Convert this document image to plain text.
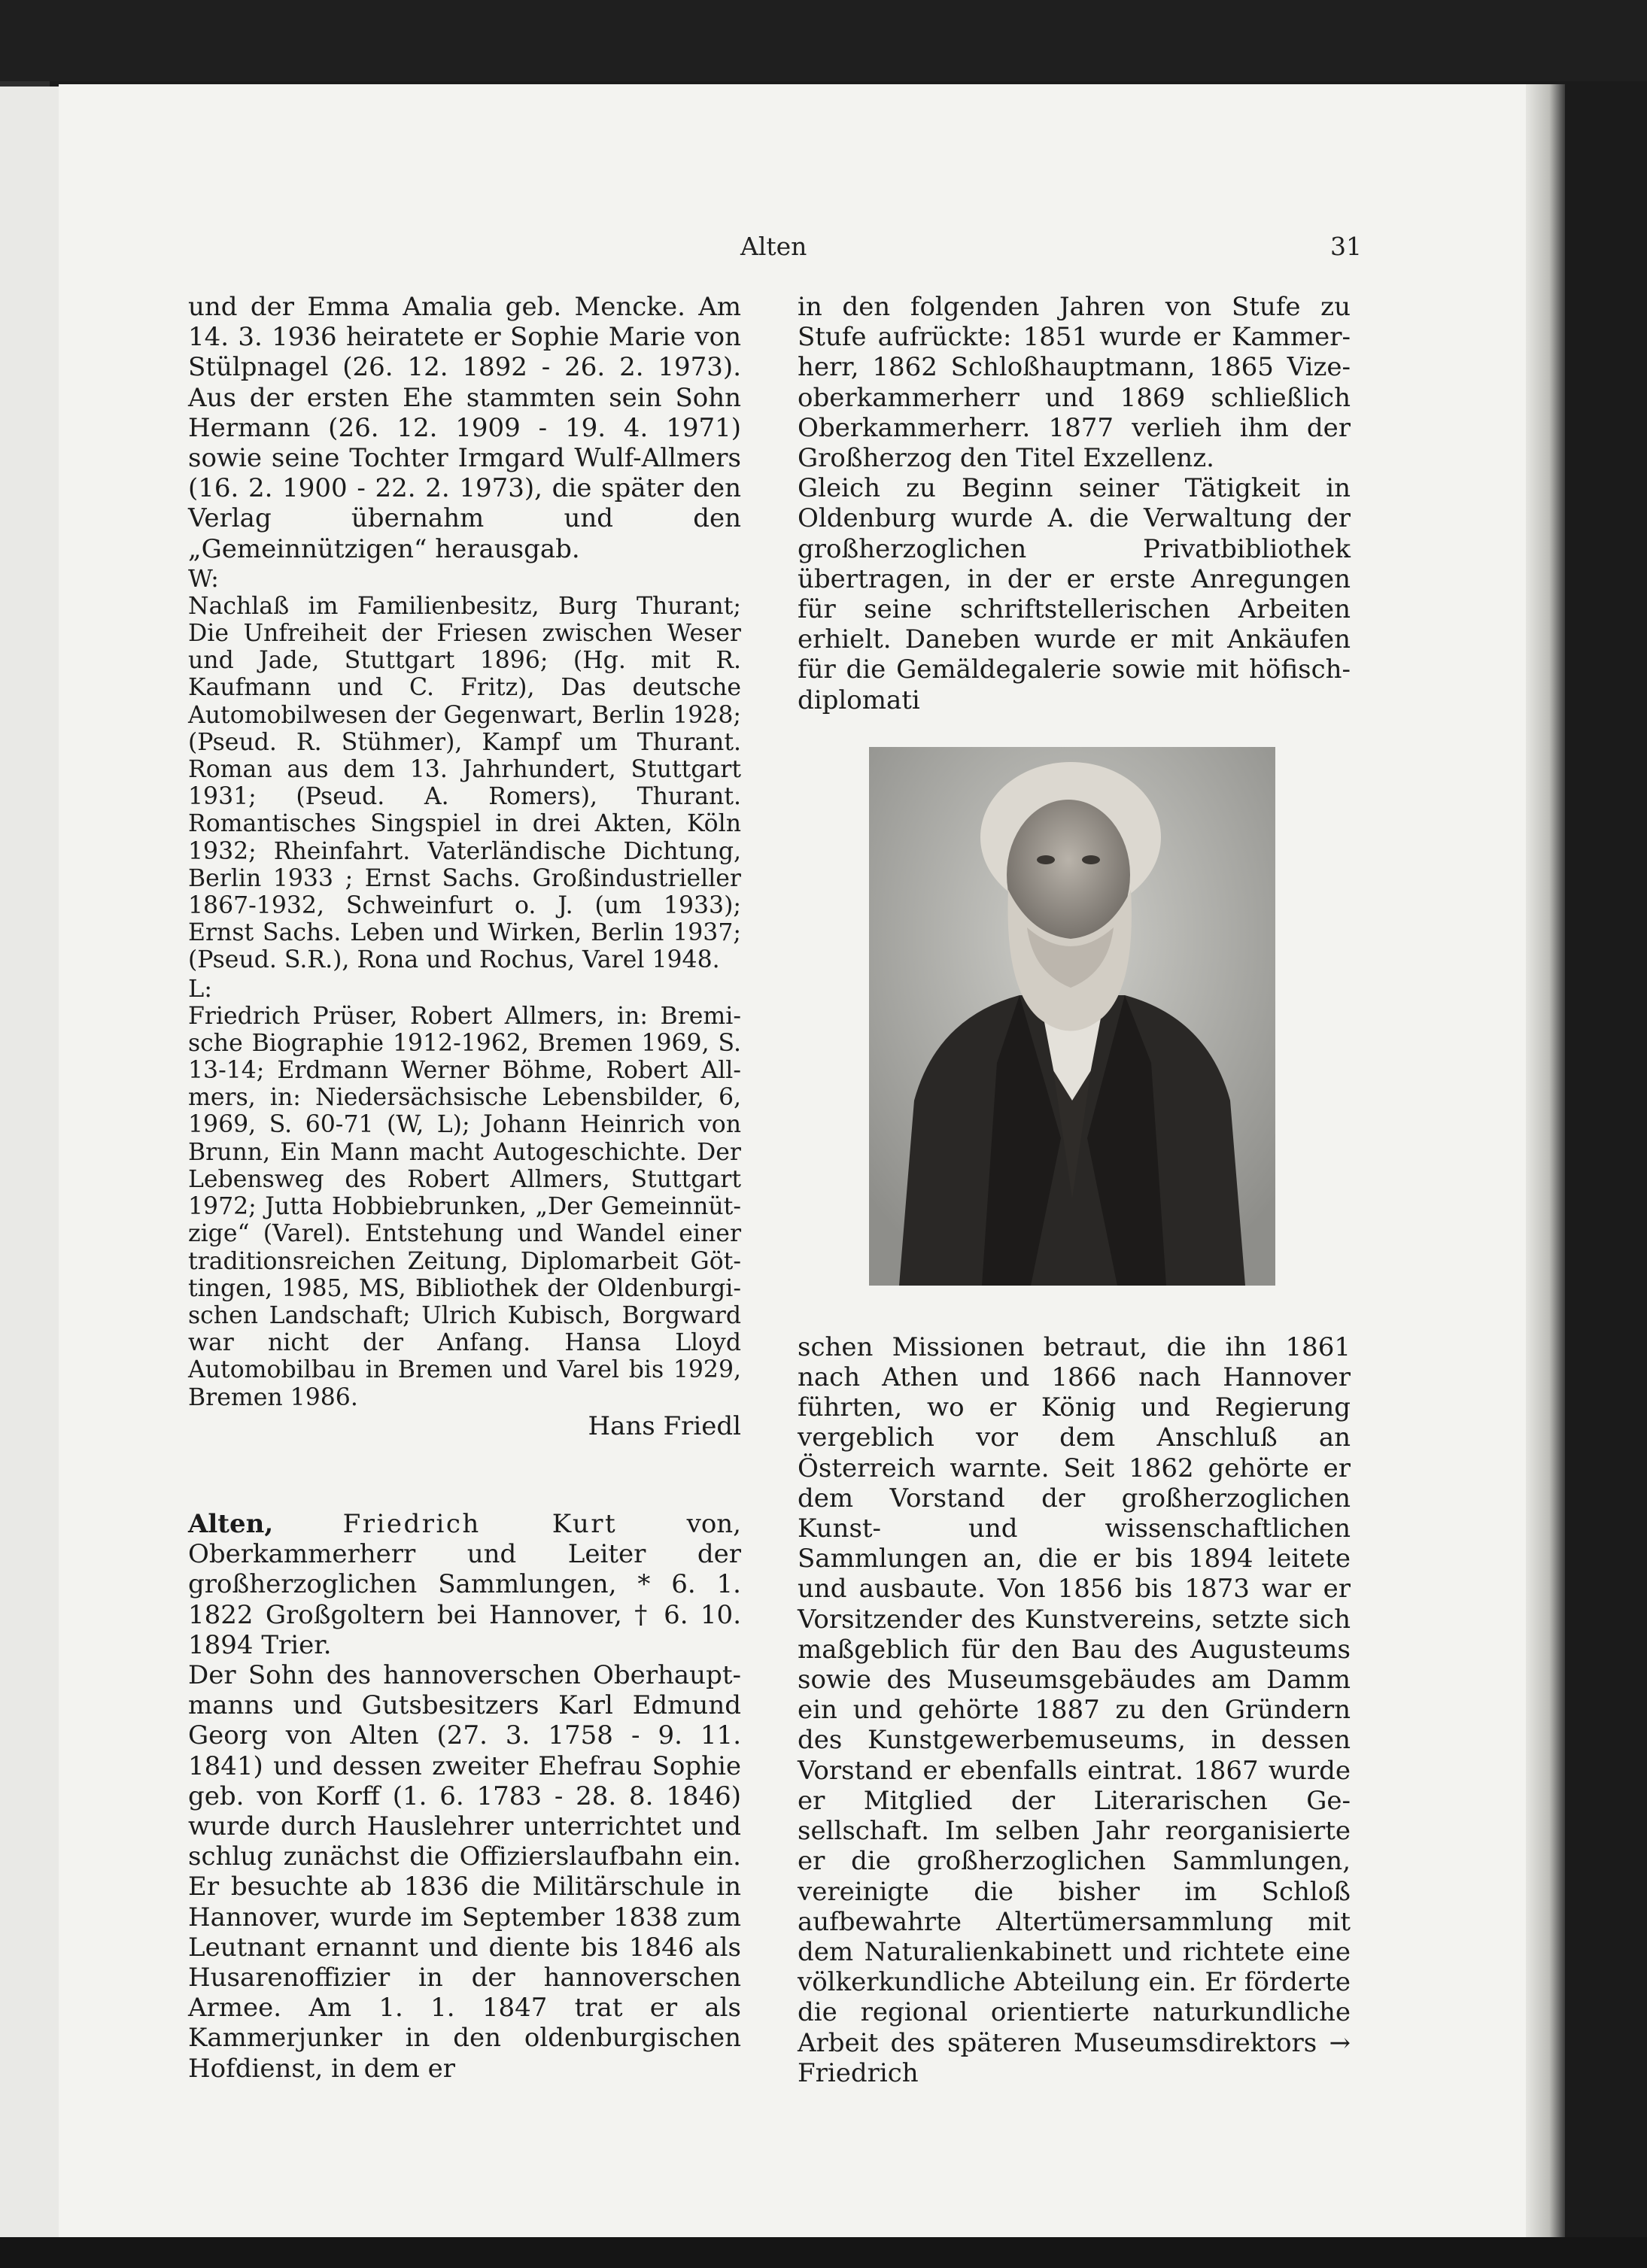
Alten	31

und der Emma Amalia geb. Mencke. Am 14. 3. 1936 heiratete er Sophie Marie von Stülpnagel (26. 12. 1892 - 26. 2. 1973). Aus der ersten Ehe stammten sein Sohn Hermann (26. 12. 1909 - 19. 4. 1971) sowie seine Tochter Irmgard Wulf-Allmers (16. 2. 1900 - 22. 2. 1973), die später den Verlag übernahm und den „Gemeinnützigen“ herausgab.

W:

Nachlaß im Familienbesitz, Burg Thurant; Die Unfreiheit der Friesen zwischen Weser und Jade, Stuttgart 1896; (Hg. mit R. Kaufmann und C. Fritz), Das deutsche Automobilwesen der Gegenwart, Berlin 1928; (Pseud. R. Stühmer), Kampf um Thurant. Roman aus dem 13. Jahrhundert, Stuttgart 1931; (Pseud. A. Romers), Thurant. Romantisches Singspiel in drei Akten, Köln 1932; Rheinfahrt. Vaterländische Dichtung, Berlin 1933 ; Ernst Sachs. Großindustrieller 1867-1932, Schweinfurt o. J. (um 1933); Ernst Sachs. Leben und Wirken, Berlin 1937; (Pseud. S.R.), Rona und Rochus, Varel 1948.

L:

Friedrich Prüser, Robert Allmers, in: Bremische Biographie 1912-1962, Bremen 1969, S. 13-14; Erdmann Werner Böhme, Robert Allmers, in: Niedersächsische Lebensbilder, 6, 1969, S. 60-71 (W, L); Johann Heinrich von Brunn, Ein Mann macht Autogeschichte. Der Lebensweg des Robert Allmers, Stuttgart 1972; Jutta Hobbiebrunken, „Der Gemeinnützige“ (Varel). Entstehung und Wandel einer traditionsreichen Zeitung, Diplomarbeit Göttingen, 1985, MS, Bibliothek der Oldenburgischen Landschaft; Ulrich Kubisch, Borgward war nicht der Anfang. Hansa Lloyd Automobilbau in Bremen und Varel bis 1929, Bremen 1986.

Hans Friedl

Alten,	Friedrich Kurt von, Oberkammerherr und Leiter der großherzoglichen Sammlungen, * 6. 1. 1822 Großgoltern bei Hannover, † 6. 10. 1894 Trier.

Der Sohn des hannoverschen Oberhauptmanns und Gutsbesitzers Karl Edmund Georg von Alten (27. 3. 1758 - 9. 11. 1841) und dessen zweiter Ehefrau Sophie geb. von Korff (1. 6. 1783 - 28. 8. 1846) wurde durch Hauslehrer unterrichtet und schlug zunächst die Offizierslaufbahn ein. Er besuchte ab 1836 die Militärschule in Hannover, wurde im September 1838 zum Leutnant ernannt und diente bis 1846 als Husarenoffizier in der hannoverschen Armee. Am 1. 1. 1847 trat er als Kammerjunker in den oldenburgischen Hofdienst, in dem er

in den folgenden Jahren von Stufe zu Stufe aufrückte: 1851 wurde er Kammerherr, 1862 Schloßhauptmann, 1865 Vizeoberkammerherr und 1869 schließlich Oberkammerherr. 1877 verlieh ihm der Großherzog den Titel Exzellenz.

Gleich zu Beginn seiner Tätigkeit in Oldenburg wurde A. die Verwaltung der großherzoglichen Privatbibliothek übertragen, in der er erste Anregungen für seine schriftstellerischen Arbeiten erhielt. Daneben wurde er mit Ankäufen für die Gemäldegalerie sowie mit höfisch-diplomati

schen Missionen betraut, die ihn 1861 nach Athen und 1866 nach Hannover führten, wo er König und Regierung vergeblich vor dem Anschluß an Österreich warnte. Seit 1862 gehörte er dem Vorstand der großherzoglichen Kunst- und wissenschaftlichen Sammlungen an, die er bis 1894 leitete und ausbaute. Von 1856 bis 1873 war er Vorsitzender des Kunstvereins, setzte sich maßgeblich für den Bau des Augusteums sowie des Museumsgebäudes am Damm ein und gehörte 1887 zu den Gründern des Kunstgewerbemuseums, in dessen Vorstand er ebenfalls eintrat. 1867 wurde er Mitglied der Literarischen Gesellschaft. Im selben Jahr reorganisierte er die großherzoglichen Sammlungen, vereinigte die bisher im Schloß aufbewahrte Altertümersammlung mit dem Naturalienkabinett und richtete eine völkerkundliche Abteilung ein. Er förderte die regional orientierte naturkundliche Arbeit des späteren Museumsdirektors → Friedrich
